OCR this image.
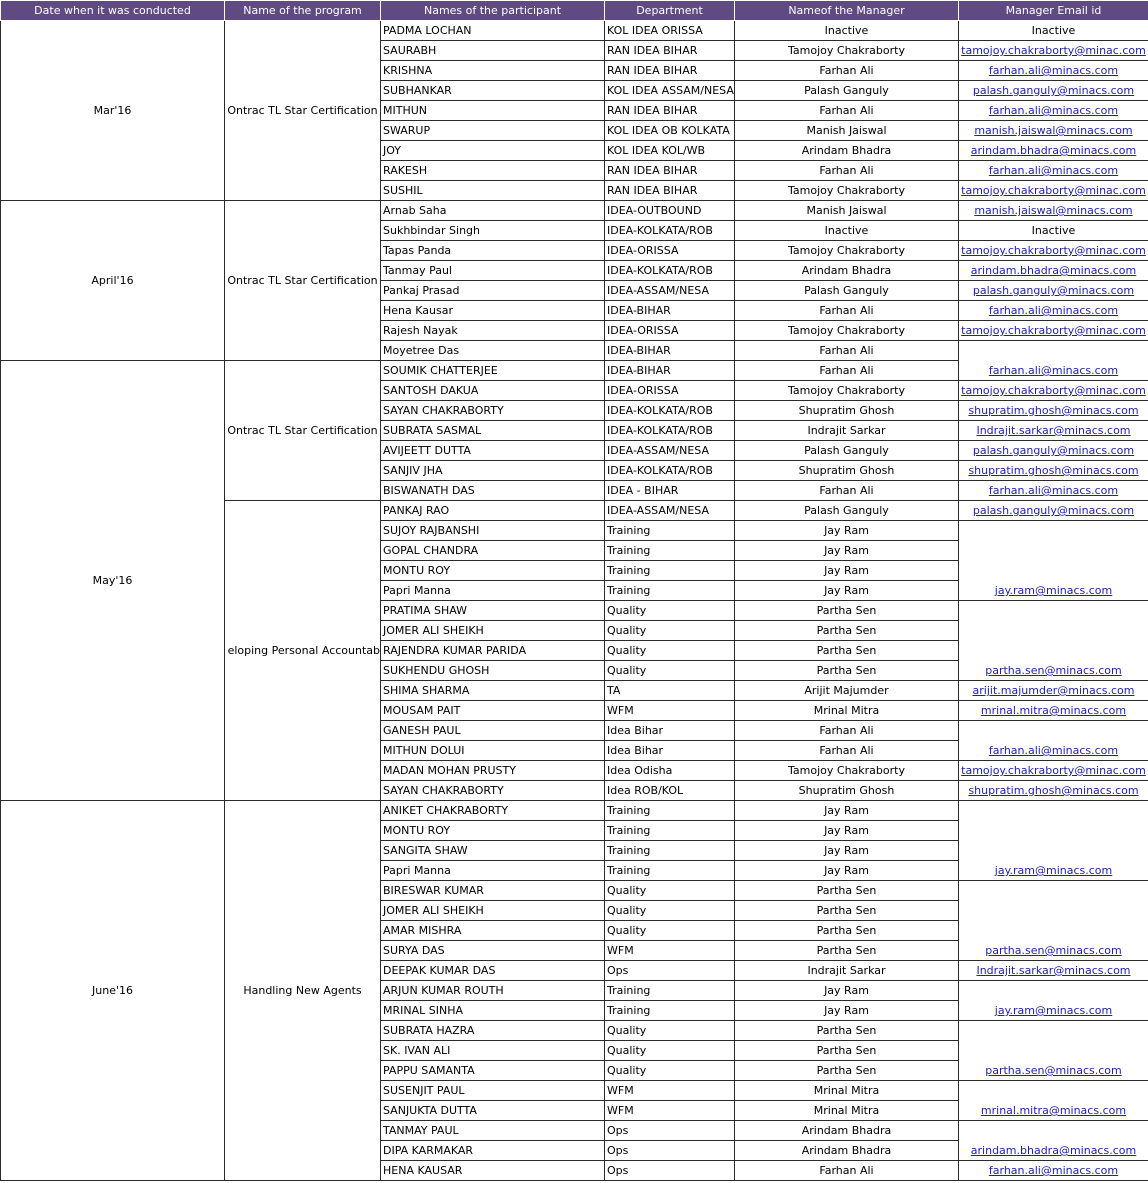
Date when it was conducted	Name of the program	Names of the participant	Department	Nameof the Manager	Manager Email id
Mar'16	Ontrac TL Star Certification	PADMA LOCHAN	KOL IDEA ORISSA	Inactive	Inactive
		SAURABH	RAN IDEA BIHAR	Tamojoy Chakraborty	tamojoy.chakraborty@minac.com
		KRISHNA	RAN IDEA BIHAR	Farhan Ali	farhan.ali@minacs.com
		SUBHANKAR	KOL IDEA ASSAM/NESA	Palash Ganguly	palash.ganguly@minacs.com
		MITHUN	RAN IDEA BIHAR	Farhan Ali	farhan.ali@minacs.com
		SWARUP	KOL IDEA OB KOLKATA	Manish Jaiswal	manish.jaiswal@minacs.com
		JOY	KOL IDEA KOL/WB	Arindam Bhadra	arindam.bhadra@minacs.com
		RAKESH	RAN IDEA BIHAR	Farhan Ali	farhan.ali@minacs.com
		SUSHIL	RAN IDEA BIHAR	Tamojoy Chakraborty	tamojoy.chakraborty@minac.com
April'16	Ontrac TL Star Certification	Arnab Saha	IDEA-OUTBOUND	Manish Jaiswal	manish.jaiswal@minacs.com
		Sukhbindar Singh	IDEA-KOLKATA/ROB	Inactive	Inactive
		Tapas Panda	IDEA-ORISSA	Tamojoy Chakraborty	tamojoy.chakraborty@minac.com
		Tanmay Paul	IDEA-KOLKATA/ROB	Arindam Bhadra	arindam.bhadra@minacs.com
		Pankaj Prasad	IDEA-ASSAM/NESA	Palash Ganguly	palash.ganguly@minacs.com
		Hena Kausar	IDEA-BIHAR	Farhan Ali	farhan.ali@minacs.com
		Rajesh Nayak	IDEA-ORISSA	Tamojoy Chakraborty	tamojoy.chakraborty@minac.com
		Moyetree Das	IDEA-BIHAR	Farhan Ali	farhan.ali@minacs.com
May'16	Ontrac TL Star Certification	SOUMIK CHATTERJEE	IDEA-BIHAR	Farhan Ali	
		SANTOSH DAKUA	IDEA-ORISSA	Tamojoy Chakraborty	tamojoy.chakraborty@minac.com
		SAYAN CHAKRABORTY	IDEA-KOLKATA/ROB	Shupratim Ghosh	shupratim.ghosh@minacs.com
		SUBRATA SASMAL	IDEA-KOLKATA/ROB	Indrajit Sarkar	Indrajit.sarkar@minacs.com
		AVIJEETT DUTTA	IDEA-ASSAM/NESA	Palash Ganguly	palash.ganguly@minacs.com
		SANJIV JHA	IDEA-KOLKATA/ROB	Shupratim Ghosh	shupratim.ghosh@minacs.com
		BISWANATH DAS	IDEA - BIHAR	Farhan Ali	farhan.ali@minacs.com
	eloping Personal Accountab	PANKAJ RAO	IDEA-ASSAM/NESA	Palash Ganguly	palash.ganguly@minacs.com
		SUJOY RAJBANSHI	Training	Jay Ram	jay.ram@minacs.com
		GOPAL CHANDRA	Training	Jay Ram	
		MONTU ROY	Training	Jay Ram	
		Papri Manna	Training	Jay Ram	
		PRATIMA SHAW	Quality	Partha Sen	partha.sen@minacs.com
		JOMER ALI SHEIKH	Quality	Partha Sen	
		RAJENDRA KUMAR PARIDA	Quality	Partha Sen	
		SUKHENDU GHOSH	Quality	Partha Sen	
		SHIMA SHARMA	TA	Arijit Majumder	arijit.majumder@minacs.com
		MOUSAM PAIT	WFM	Mrinal Mitra	mrinal.mitra@minacs.com
		GANESH PAUL	Idea Bihar	Farhan Ali	farhan.ali@minacs.com
		MITHUN DOLUI	Idea Bihar	Farhan Ali	
		MADAN MOHAN PRUSTY	Idea Odisha	Tamojoy Chakraborty	tamojoy.chakraborty@minac.com
		SAYAN CHAKRABORTY	Idea ROB/KOL	Shupratim Ghosh	shupratim.ghosh@minacs.com
June'16	Handling New Agents	ANIKET CHAKRABORTY	Training	Jay Ram	jay.ram@minacs.com
		MONTU ROY	Training	Jay Ram	
		SANGITA SHAW	Training	Jay Ram	
		Papri Manna	Training	Jay Ram	
		BIRESWAR KUMAR	Quality	Partha Sen	partha.sen@minacs.com
		JOMER ALI SHEIKH	Quality	Partha Sen	
		AMAR MISHRA	Quality	Partha Sen	
		SURYA DAS	WFM	Partha Sen	
		DEEPAK KUMAR DAS	Ops	Indrajit Sarkar	Indrajit.sarkar@minacs.com
		ARJUN KUMAR ROUTH	Training	Jay Ram	jay.ram@minacs.com
		MRINAL SINHA	Training	Jay Ram	
		SUBRATA HAZRA	Quality	Partha Sen	partha.sen@minacs.com
		SK. IVAN ALI	Quality	Partha Sen	
		PAPPU SAMANTA	Quality	Partha Sen	
		SUSENJIT PAUL	WFM	Mrinal Mitra	mrinal.mitra@minacs.com
		SANJUKTA DUTTA	WFM	Mrinal Mitra	
		TANMAY PAUL	Ops	Arindam Bhadra	arindam.bhadra@minacs.com
		DIPA KARMAKAR	Ops	Arindam Bhadra	
		HENA KAUSAR	Ops	Farhan Ali	farhan.ali@minacs.com
